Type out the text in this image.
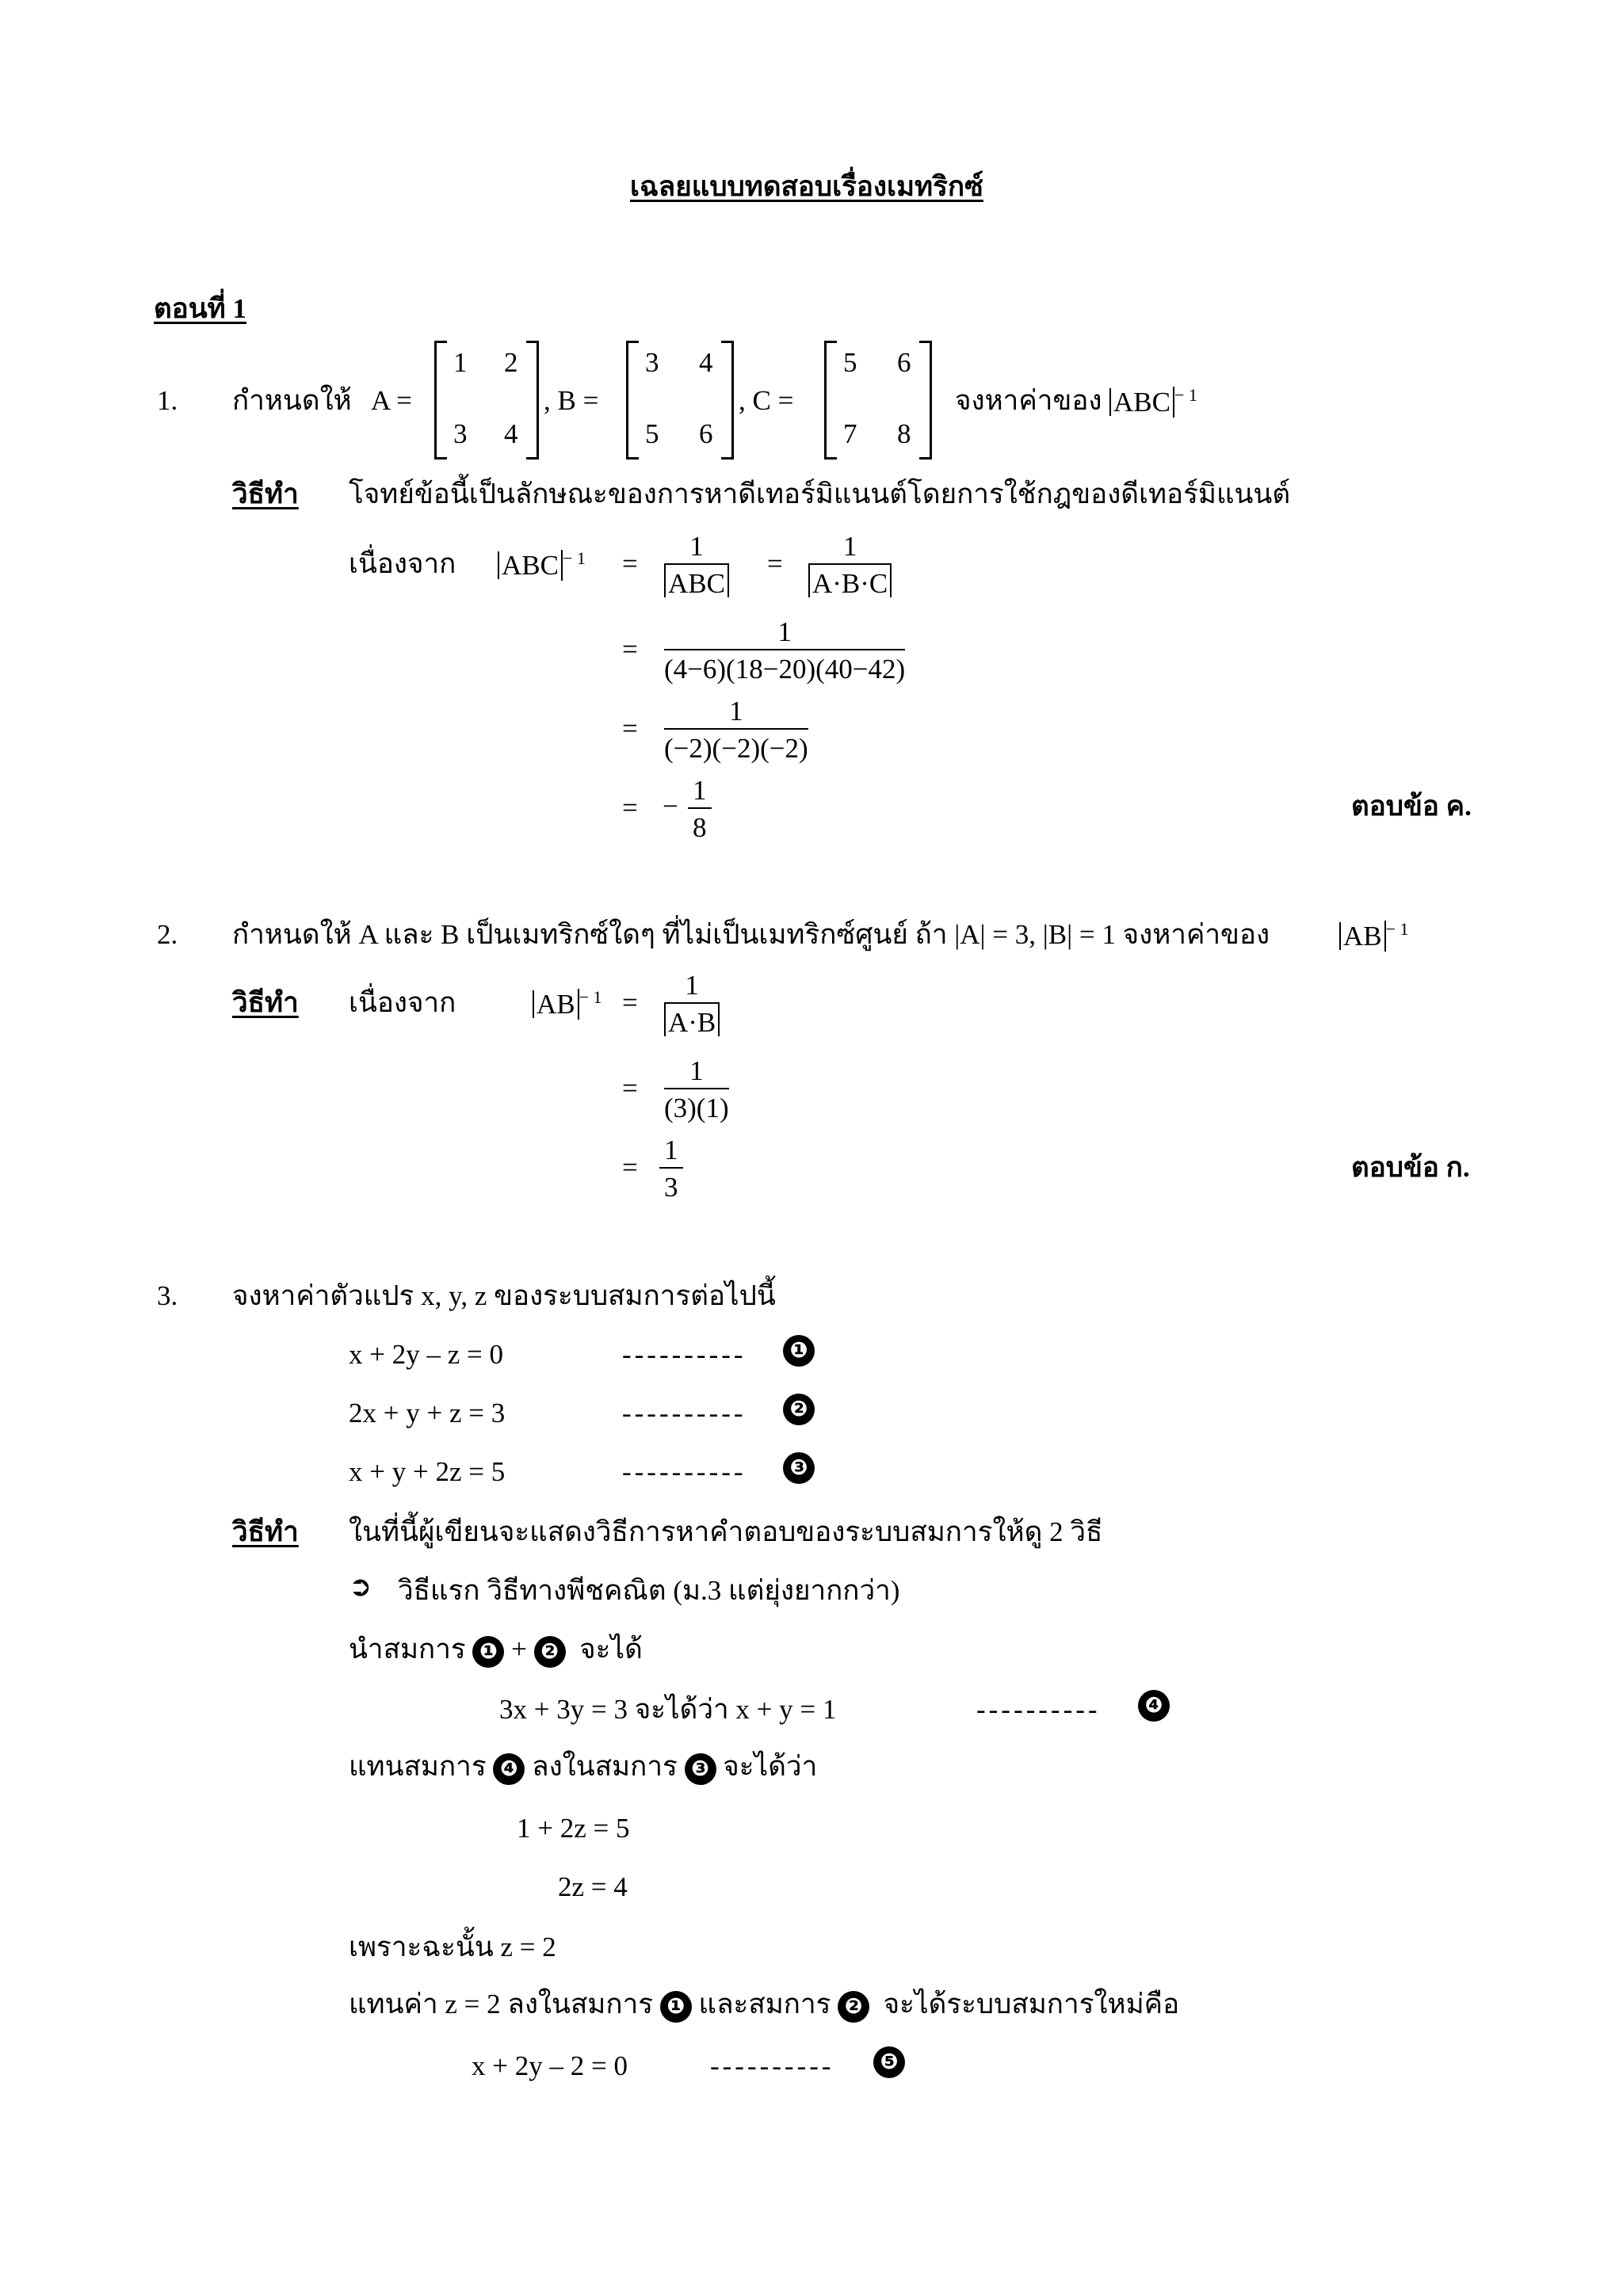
เฉลยแบบทดสอบเรื่องเมทริกซ์
ตอนที่ 1
1. กำหนดให้ A =
1 2
3 4
, B =
3 4
5 6
, C =
5 6
7 8
จงหาค่าของ ABC $^{- 1}$
วิธีทำ โจทย์ข้อนี้เป็นลักษณะของการหาดีเทอร์มิแนนต์โดยการใช้กฎของดีเทอร์มิแนนต์
เนื่องจาก ABC $^{- 1}$ =
1
ABC
= $\frac{1}{A\cdot B\cdot C}$
= $\frac{1}{(4-6)(18-20)(40-42)}$
= $\frac{1}{(-2)(-2)(-2)}$
= − $\frac{1}{8}$	ตอบข้อ ค.
2. กำหนดให้ A และ B เป็นเมทริกซ์ใดๆ ที่ไม่เป็นเมทริกซ์ศูนย์ ถ้า |A| = 3, |B| = 1 จงหาค่าของ	AB $^{- 1}$
วิธีทำ เนื่องจาก	AB $^{- 1} = \frac{1}{A\cdot B}$
= $\frac{1}{(3)(1)}$
= $\frac{1}{3}$	ตอบข้อ ก.
3. จงหาค่าตัวแปร x, y, z ของระบบสมการต่อไปนี้
x + 2y – z = 0	----------	❶
2x + y + z = 3	----------	❷
x + y + 2z = 5	----------	❸
วิธีทำ ในที่นี้ผู้เขียนจะแสดงวิธีการหาคำตอบของระบบสมการให้ดู 2 วิธี
➲ วิธีแรก วิธีทางพีชคณิต (ม.3 แต่ยุ่งยากกว่า)
นำสมการ ❶ + ❷ จะได้
3x + 3y = 3 จะได้ว่า x + y = 1	----------	❹
แทนสมการ ❹ ลงในสมการ ❸ จะได้ว่า
1 + 2z = 5
2z = 4
เพราะฉะนั้น z = 2
แทนค่า z = 2 ลงในสมการ ❶ และสมการ ❷ จะได้ระบบสมการใหม่คือ
x + 2y – 2 = 0	----------	❺
